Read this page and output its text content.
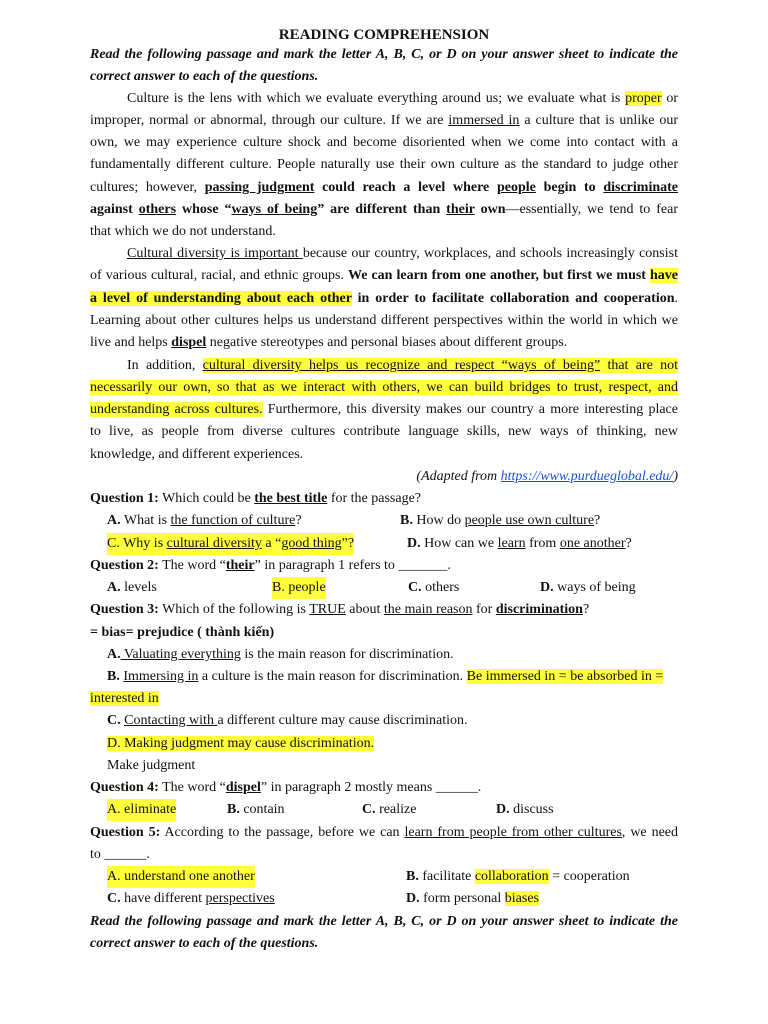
READING COMPREHENSION
Read the following passage and mark the letter A, B, C, or D on your answer sheet to indicate the
correct answer to each of the questions.
Culture is the lens with which we evaluate everything around us; we evaluate what is proper or
improper, normal or abnormal, through our culture. If we are immersed in a culture that is unlike our
own, we may experience culture shock and become disoriented when we come into contact with a
fundamentally different culture. People naturally use their own culture as the standard to judge other
cultures; however, passing judgment could reach a level where people begin to discriminate
against others whose “ways of being” are different than their own—essentially, we tend to fear
that which we do not understand.
Cultural diversity is important because our country, workplaces, and schools increasingly consist
of various cultural, racial, and ethnic groups. We can learn from one another, but first we must have
a level of understanding about each other in order to facilitate collaboration and cooperation.
Learning about other cultures helps us understand different perspectives within the world in which we
live and helps dispel negative stereotypes and personal biases about different groups.
In addition, cultural diversity helps us recognize and respect “ways of being” that are not
necessarily our own, so that as we interact with others, we can build bridges to trust, respect, and
understanding across cultures. Furthermore, this diversity makes our country a more interesting place
to live, as people from diverse cultures contribute language skills, new ways of thinking, new
knowledge, and different experiences.
(Adapted from https://www.purdueglobal.edu/)
Question 1: Which could be the best title for the passage?
A. What is the function of culture?	B. How do people use own culture?
C. Why is cultural diversity a “good thing”?	D. How can we learn from one another?
Question 2: The word “their” in paragraph 1 refers to _______.
A. levels	B. people	C. others	D. ways of being
Question 3: Which of the following is TRUE about the main reason for discrimination?
= bias= prejudice ( thành kiến)
A. Valuating everything is the main reason for discrimination.
B. Immersing in a culture is the main reason for discrimination. Be immersed in = be absorbed in =
interested in
C. Contacting with a different culture may cause discrimination.
D. Making judgment may cause discrimination.
Make judgment
Question 4: The word “dispel” in paragraph 2 mostly means ______.
A. eliminate	B. contain	C. realize	D. discuss
Question 5: According to the passage, before we can learn from people from other cultures, we need
to ______.
A. understand one another	B. facilitate collaboration = cooperation
C. have different perspectives	D. form personal biases
Read the following passage and mark the letter A, B, C, or D on your answer sheet to indicate the
correct answer to each of the questions.
